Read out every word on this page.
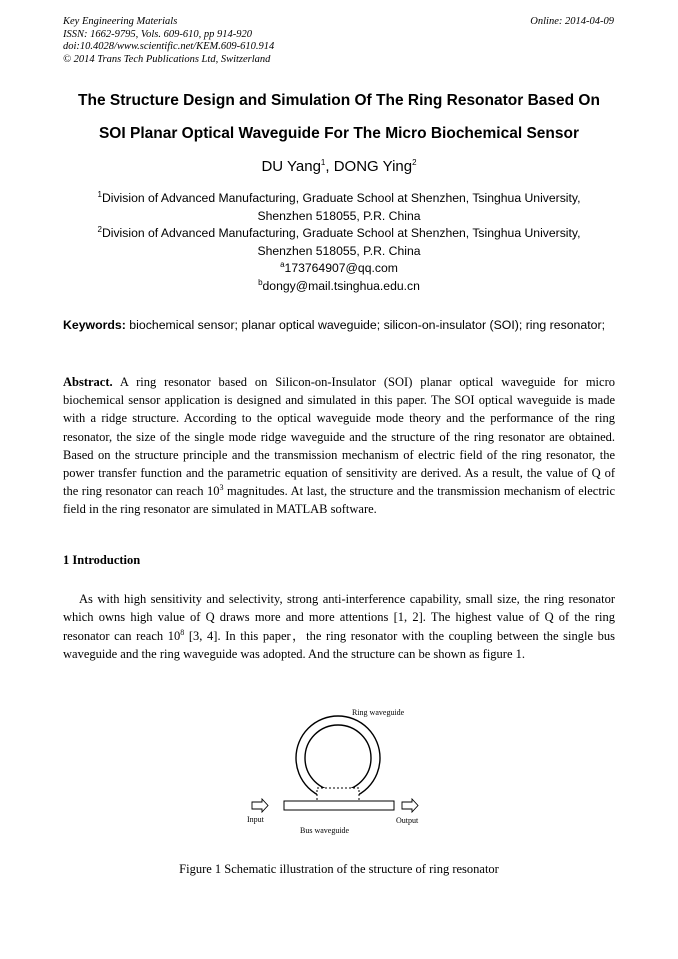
Key Engineering Materials
ISSN: 1662-9795, Vols. 609-610, pp 914-920
doi:10.4028/www.scientific.net/KEM.609-610.914
© 2014 Trans Tech Publications Ltd, Switzerland
Online: 2014-04-09
The Structure Design and Simulation Of The Ring Resonator Based On
SOI Planar Optical Waveguide For The Micro Biochemical Sensor
DU Yang$^1$, DONG Ying$^2$
$^1$Division of Advanced Manufacturing, Graduate School at Shenzhen, Tsinghua University,
Shenzhen 518055, P.R. China
$^2$Division of Advanced Manufacturing, Graduate School at Shenzhen, Tsinghua University,
Shenzhen 518055, P.R. China
$^a$173764907@qq.com
$^b$dongy@mail.tsinghua.edu.cn
Keywords: biochemical sensor; planar optical waveguide; silicon-on-insulator (SOI); ring resonator;
Abstract. A ring resonator based on Silicon-on-Insulator (SOI) planar optical waveguide for micro biochemical sensor application is designed and simulated in this paper. The SOI optical waveguide is made with a ridge structure. According to the optical waveguide mode theory and the performance of the ring resonator, the size of the single mode ridge waveguide and the structure of the ring resonator are obtained. Based on the structure principle and the transmission mechanism of electric field of the ring resonator, the power transfer function and the parametric equation of sensitivity are derived. As a result, the value of Q of the ring resonator can reach $10^3$ magnitudes. At last, the structure and the transmission mechanism of electric field in the ring resonator are simulated in MATLAB software.
1 Introduction
As with high sensitivity and selectivity, strong anti-interference capability, small size, the ring resonator which owns high value of Q draws more and more attentions [1, 2]. The highest value of Q of the ring resonator can reach $10^8$ [3, 4]. In this paper，the ring resonator with the coupling between the single bus waveguide and the ring waveguide was adopted. And the structure can be shown as figure 1.
Ring waveguide
Input	Output
Bus waveguide
Figure 1 Schematic illustration of the structure of ring resonator
